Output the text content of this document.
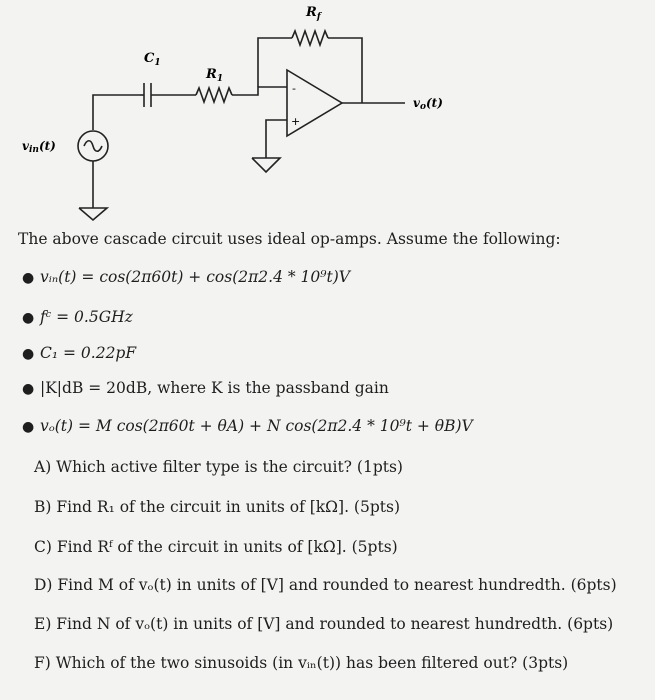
$C_1$
$R_1$
$R_f$
vo(t)
vin(t)
-
+
The above cascade circuit uses ideal op-amps. Assume the following:
● vᵢₙ(t) = cos(2π60t) + cos(2π2.4 * 10⁹t)V
● fᶜ = 0.5GHz
● C₁ = 0.22pF
● |K|dB = 20dB, where K is the passband gain
● vₒ(t) = M cos(2π60t + θA) + N cos(2π2.4 * 10⁹t + θB)V
A) Which active filter type is the circuit? (1pts)
B) Find R₁ of the circuit in units of [kΩ]. (5pts)
C) Find Rᶠ of the circuit in units of [kΩ]. (5pts)
D) Find M of vₒ(t) in units of [V] and rounded to nearest hundredth. (6pts)
E) Find N of vₒ(t) in units of [V] and rounded to nearest hundredth. (6pts)
F) Which of the two sinusoids (in vᵢₙ(t)) has been filtered out? (3pts)
